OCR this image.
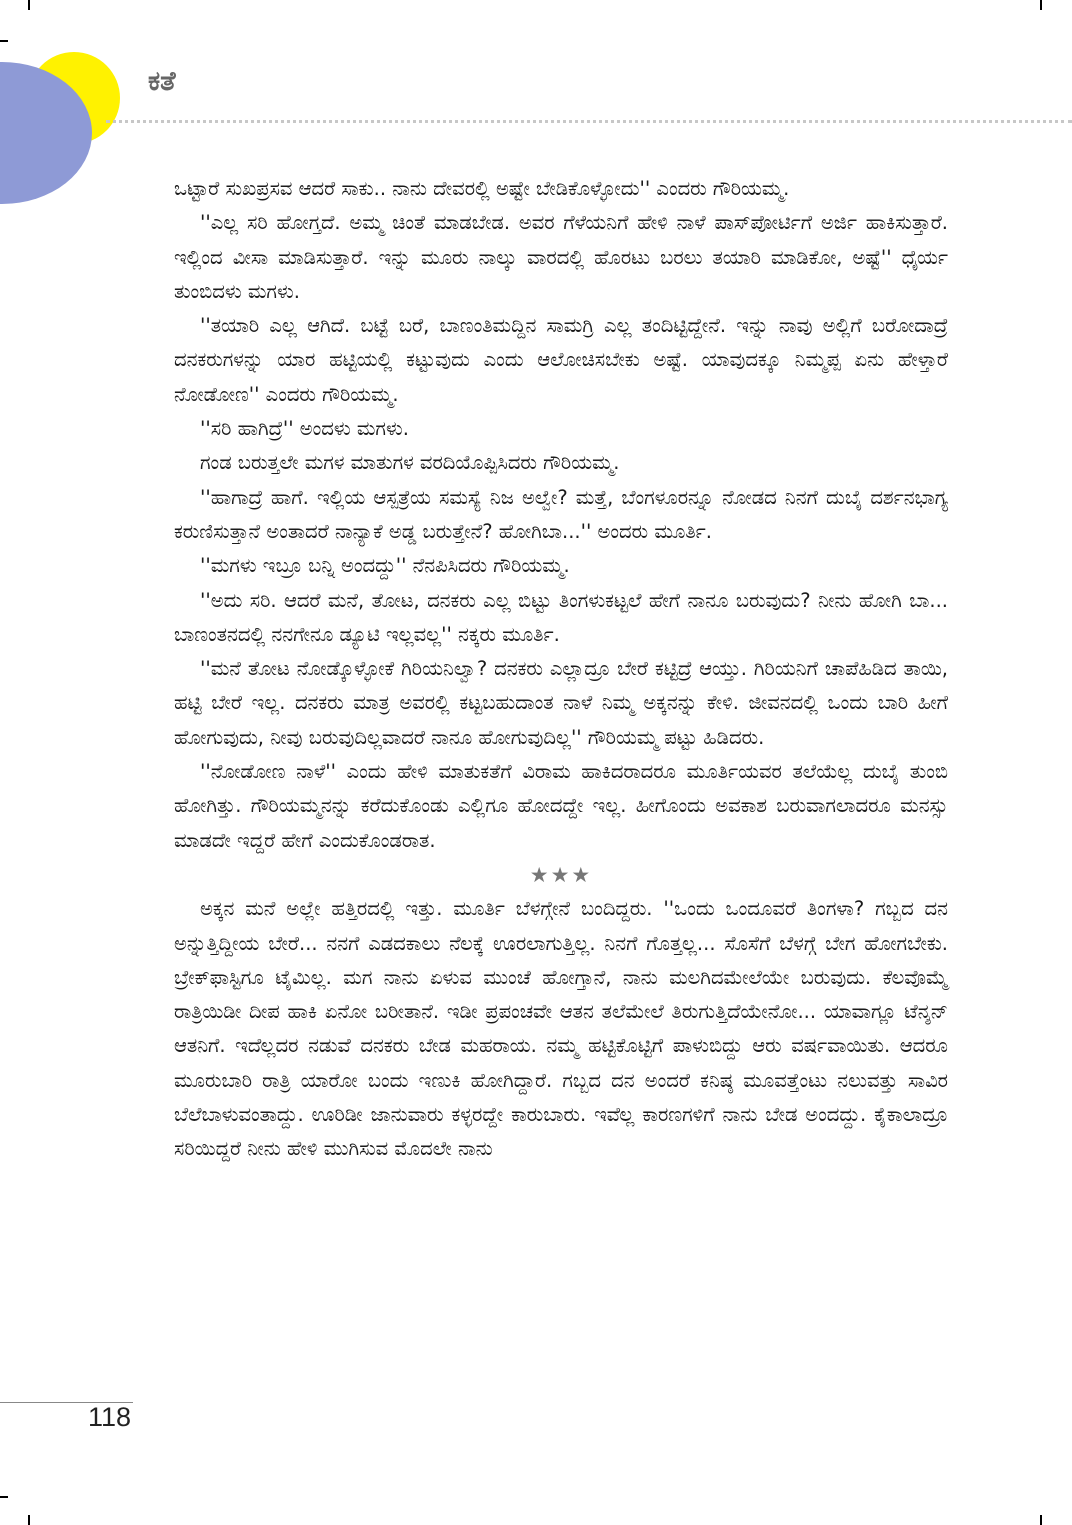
ಕತೆ

ಒಟ್ಟಾರೆ ಸುಖಪ್ರಸವ ಆದರೆ ಸಾಕು.. ನಾನು ದೇವರಲ್ಲಿ ಅಷ್ಟೇ ಬೇಡಿಕೊಳ್ಳೋದು'' ಎಂದರು ಗೌರಿಯಮ್ಮ.

''ಎಲ್ಲ ಸರಿ ಹೋಗ್ತದೆ. ಅಮ್ಮ ಚಿಂತೆ ಮಾಡಬೇಡ. ಅವರ ಗೆಳೆಯನಿಗೆ ಹೇಳಿ ನಾಳೆ ಪಾಸ್‌ಪೋರ್ಟಿಗೆ ಅರ್ಜಿ ಹಾಕಿಸುತ್ತಾರೆ. ಇಲ್ಲಿಂದ ವೀಸಾ ಮಾಡಿಸುತ್ತಾರೆ. ಇನ್ನು ಮೂರು ನಾಲ್ಕು ವಾರದಲ್ಲಿ ಹೊರಟು ಬರಲು ತಯಾರಿ ಮಾಡಿಕೋ, ಅಷ್ಟೆ'' ಧೈರ್ಯ ತುಂಬಿದಳು ಮಗಳು.

''ತಯಾರಿ ಎಲ್ಲ ಆಗಿದೆ. ಬಟ್ಟೆ ಬರೆ, ಬಾಣಂತಿಮದ್ದಿನ ಸಾಮಗ್ರಿ ಎಲ್ಲ ತಂದಿಟ್ಟಿದ್ದೇನೆ. ಇನ್ನು ನಾವು ಅಲ್ಲಿಗೆ ಬರೋದಾದ್ರೆ ದನಕರುಗಳನ್ನು ಯಾರ ಹಟ್ಟಿಯಲ್ಲಿ ಕಟ್ಟುವುದು ಎಂದು ಆಲೋಚಿಸಬೇಕು ಅಷ್ಟೆ. ಯಾವುದಕ್ಕೂ ನಿಮ್ಮಪ್ಪ ಏನು ಹೇಳ್ತಾರೆ ನೋಡೋಣ'' ಎಂದರು ಗೌರಿಯಮ್ಮ.

''ಸರಿ ಹಾಗಿದ್ರೆ'' ಅಂದಳು ಮಗಳು.

ಗಂಡ ಬರುತ್ತಲೇ ಮಗಳ ಮಾತುಗಳ ವರದಿಯೊಪ್ಪಿಸಿದರು ಗೌರಿಯಮ್ಮ.

''ಹಾಗಾದ್ರೆ ಹಾಗೆ. ಇಲ್ಲಿಯ ಆಸ್ಪತ್ರೆಯ ಸಮಸ್ಯೆ ನಿಜ ಅಲ್ವೇ? ಮತ್ತೆ, ಬೆಂಗಳೂರನ್ನೂ ನೋಡದ ನಿನಗೆ ದುಬೈ ದರ್ಶನಭಾಗ್ಯ ಕರುಣಿಸುತ್ತಾನೆ ಅಂತಾದರೆ ನಾನ್ಯಾಕೆ ಅಡ್ಡ ಬರುತ್ತೇನೆ? ಹೋಗಿಬಾ...'' ಅಂದರು ಮೂರ್ತಿ.

''ಮಗಳು ಇಬ್ರೂ ಬನ್ನಿ ಅಂದದ್ದು'' ನೆನಪಿಸಿದರು ಗೌರಿಯಮ್ಮ.

''ಅದು ಸರಿ. ಆದರೆ ಮನೆ, ತೋಟ, ದನಕರು ಎಲ್ಲ ಬಿಟ್ಟು ತಿಂಗಳುಕಟ್ಟಲೆ ಹೇಗೆ ನಾನೂ ಬರುವುದು? ನೀನು ಹೋಗಿ ಬಾ... ಬಾಣಂತನದಲ್ಲಿ ನನಗೇನೂ ಡ್ಯೂಟಿ ಇಲ್ಲವಲ್ಲ'' ನಕ್ಕರು ಮೂರ್ತಿ.

''ಮನೆ ತೋಟ ನೋಡ್ಕೊಳ್ಳೋಕೆ ಗಿರಿಯನಿಲ್ವಾ? ದನಕರು ಎಲ್ಲಾದ್ರೂ ಬೇರೆ ಕಟ್ಟಿದ್ರೆ ಆಯ್ತು. ಗಿರಿಯನಿಗೆ ಚಾಪೆಹಿಡಿದ ತಾಯಿ, ಹಟ್ಟಿ ಬೇರೆ ಇಲ್ಲ. ದನಕರು ಮಾತ್ರ ಅವರಲ್ಲಿ ಕಟ್ಟಬಹುದಾಂತ ನಾಳೆ ನಿಮ್ಮ ಅಕ್ಕನನ್ನು ಕೇಳಿ. ಜೀವನದಲ್ಲಿ ಒಂದು ಬಾರಿ ಹೀಗೆ ಹೋಗುವುದು, ನೀವು ಬರುವುದಿಲ್ಲವಾದರೆ ನಾನೂ ಹೋಗುವುದಿಲ್ಲ'' ಗೌರಿಯಮ್ಮ ಪಟ್ಟು ಹಿಡಿದರು.

''ನೋಡೋಣ ನಾಳೆ'' ಎಂದು ಹೇಳಿ ಮಾತುಕತೆಗೆ ವಿರಾಮ ಹಾಕಿದರಾದರೂ ಮೂರ್ತಿಯವರ ತಲೆಯೆಲ್ಲ ದುಬೈ ತುಂಬಿ ಹೋಗಿತ್ತು. ಗೌರಿಯಮ್ಮನನ್ನು ಕರೆದುಕೊಂಡು ಎಲ್ಲಿಗೂ ಹೋದದ್ದೇ ಇಲ್ಲ. ಹೀಗೊಂದು ಅವಕಾಶ ಬರುವಾಗಲಾದರೂ ಮನಸ್ಸು ಮಾಡದೇ ಇದ್ದರೆ ಹೇಗೆ ಎಂದುಕೊಂಡರಾತ.

★★★

ಅಕ್ಕನ ಮನೆ ಅಲ್ಲೇ ಹತ್ತಿರದಲ್ಲಿ ಇತ್ತು. ಮೂರ್ತಿ ಬೆಳಗ್ಗೇನೆ ಬಂದಿದ್ದರು. ''ಒಂದು ಒಂದೂವರೆ ತಿಂಗಳಾ? ಗಬ್ಬದ ದನ ಅನ್ನುತ್ತಿದ್ದೀಯ ಬೇರೆ... ನನಗೆ ಎಡದಕಾಲು ನೆಲಕ್ಕೆ ಊರಲಾಗುತ್ತಿಲ್ಲ. ನಿನಗೆ ಗೊತ್ತಲ್ಲ... ಸೊಸೆಗೆ ಬೆಳಗ್ಗೆ ಬೇಗ ಹೋಗಬೇಕು. ಬ್ರೇಕ್‌ಫಾಸ್ಟಿಗೂ ಟೈಮಿಲ್ಲ. ಮಗ ನಾನು ಏಳುವ ಮುಂಚೆ ಹೋಗ್ತಾನೆ, ನಾನು ಮಲಗಿದಮೇಲೆಯೇ ಬರುವುದು. ಕೆಲವೊಮ್ಮೆ ರಾತ್ರಿಯಿಡೀ ದೀಪ ಹಾಕಿ ಏನೋ ಬರೀತಾನೆ. ಇಡೀ ಪ್ರಪಂಚವೇ ಆತನ ತಲೆಮೇಲೆ ತಿರುಗುತ್ತಿದೆಯೇನೋ... ಯಾವಾಗ್ಲೂ ಟೆನ್ಶನ್ ಆತನಿಗೆ. ಇದೆಲ್ಲದರ ನಡುವೆ ದನಕರು ಬೇಡ ಮಹರಾಯ. ನಮ್ಮ ಹಟ್ಟಿಕೊಟ್ಟಿಗೆ ಪಾಳುಬಿದ್ದು ಆರು ವರ್ಷವಾಯಿತು. ಆದರೂ ಮೂರುಬಾರಿ ರಾತ್ರಿ ಯಾರೋ ಬಂದು ಇಣುಕಿ ಹೋಗಿದ್ದಾರೆ. ಗಬ್ಬದ ದನ ಅಂದರೆ ಕನಿಷ್ಠ ಮೂವತ್ತೆಂಟು ನಲುವತ್ತು ಸಾವಿರ ಬೆಲೆಬಾಳುವಂತಾದ್ದು. ಊರಿಡೀ ಜಾನುವಾರು ಕಳ್ಳರದ್ದೇ ಕಾರುಬಾರು. ಇವೆಲ್ಲ ಕಾರಣಗಳಿಗೆ ನಾನು ಬೇಡ ಅಂದದ್ದು. ಕೈಕಾಲಾದ್ರೂ ಸರಿಯಿದ್ದರೆ ನೀನು ಹೇಳಿ ಮುಗಿಸುವ ಮೊದಲೇ ನಾನು

118
